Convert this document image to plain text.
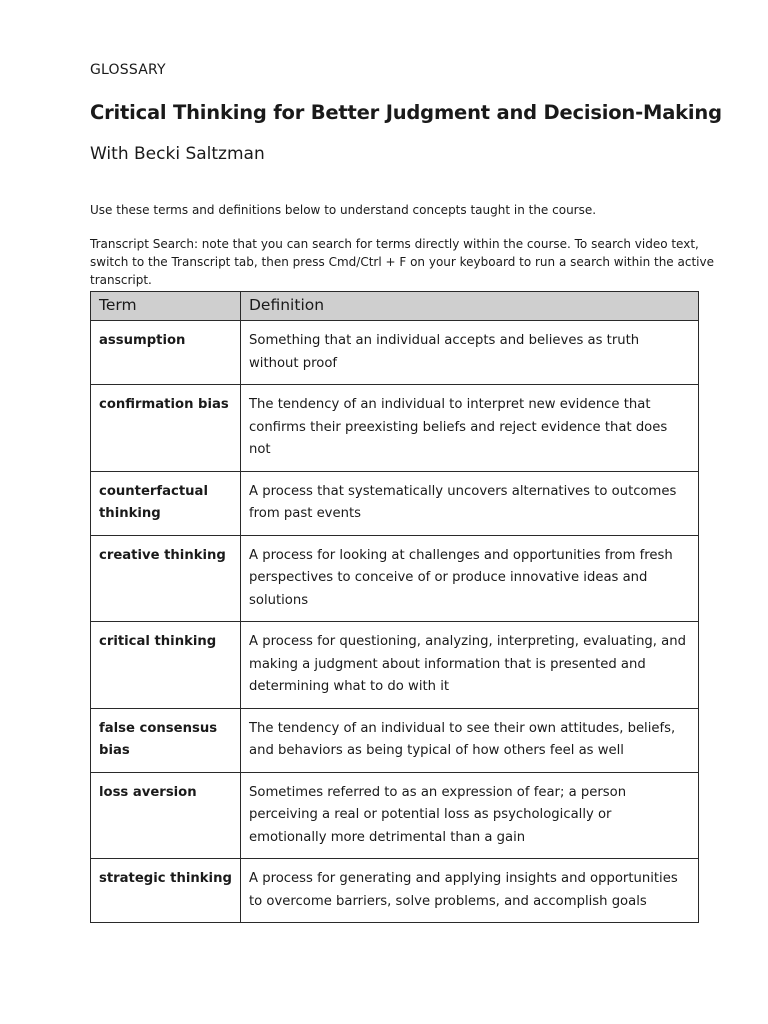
GLOSSARY
Critical Thinking for Better Judgment and Decision-Making
With Becki Saltzman
Use these terms and definitions below to understand concepts taught in the course.
Transcript Search: note that you can search for terms directly within the course. To search video text, switch to the Transcript tab, then press Cmd/Ctrl + F on your keyboard to run a search within the active transcript.
Term	Definition
assumption	Something that an individual accepts and believes as truth without proof
confirmation bias	The tendency of an individual to interpret new evidence that confirms their preexisting beliefs and reject evidence that does not
counterfactual thinking	A process that systematically uncovers alternatives to outcomes from past events
creative thinking	A process for looking at challenges and opportunities from fresh perspectives to conceive of or produce innovative ideas and solutions
critical thinking	A process for questioning, analyzing, interpreting, evaluating, and making a judgment about information that is presented and determining what to do with it
false consensus bias	The tendency of an individual to see their own attitudes, beliefs, and behaviors as being typical of how others feel as well
loss aversion	Sometimes referred to as an expression of fear; a person perceiving a real or potential loss as psychologically or emotionally more detrimental than a gain
strategic thinking	A process for generating and applying insights and opportunities to overcome barriers, solve problems, and accomplish goals
